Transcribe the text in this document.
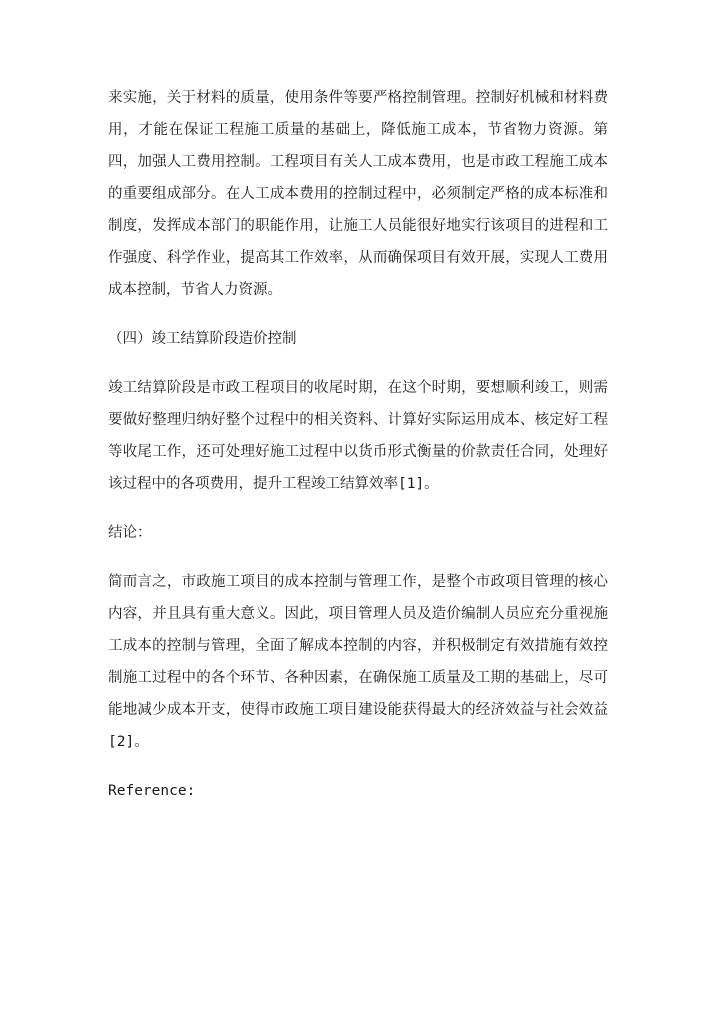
来实施，关于材料的质量，使用条件等要严格控制管理。控制好机械和材料费
用，才能在保证工程施工质量的基础上，降低施工成本，节省物力资源。第
四，加强人工费用控制。工程项目有关人工成本费用，也是市政工程施工成本
的重要组成部分。在人工成本费用的控制过程中，必须制定严格的成本标准和
制度，发挥成本部门的职能作用，让施工人员能很好地实行该项目的进程和工
作强度、科学作业，提高其工作效率，从而确保项目有效开展，实现人工费用
成本控制，节省人力资源。

（四）竣工结算阶段造价控制

竣工结算阶段是市政工程项目的收尾时期，在这个时期，要想顺利竣工，则需
要做好整理归纳好整个过程中的相关资料、计算好实际运用成本、核定好工程
等收尾工作，还可处理好施工过程中以货币形式衡量的价款责任合同，处理好
该过程中的各项费用，提升工程竣工结算效率[1]。

结论：

简而言之，市政施工项目的成本控制与管理工作，是整个市政项目管理的核心
内容，并且具有重大意义。因此，项目管理人员及造价编制人员应充分重视施
工成本的控制与管理，全面了解成本控制的内容，并积极制定有效措施有效控
制施工过程中的各个环节、各种因素，在确保施工质量及工期的基础上，尽可
能地减少成本开支，使得市政施工项目建设能获得最大的经济效益与社会效益
[2]。

Reference:
